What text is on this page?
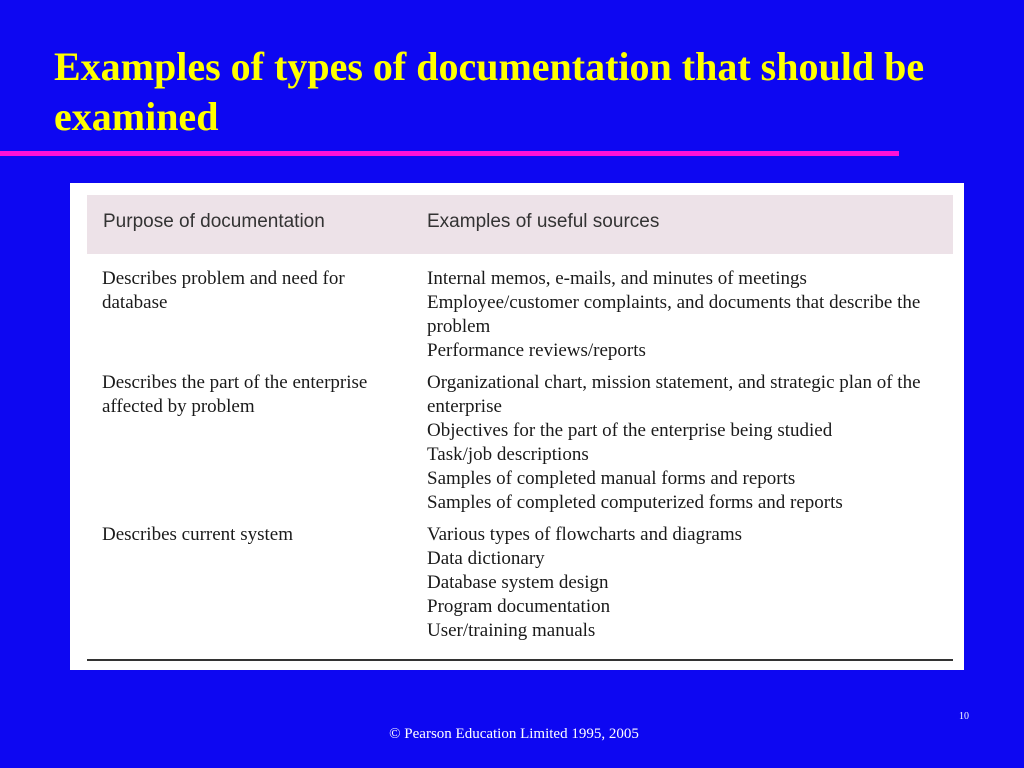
Examples of types of documentation that should be examined
Purpose of documentation	Examples of useful sources
Describes problem and need for database
Internal memos, e-mails, and minutes of meetings
Employee/customer complaints, and documents that describe the problem
Performance reviews/reports
Describes the part of the enterprise affected by problem
Organizational chart, mission statement, and strategic plan of the enterprise
Objectives for the part of the enterprise being studied
Task/job descriptions
Samples of completed manual forms and reports
Samples of completed computerized forms and reports
Describes current system	Various types of flowcharts and diagrams
Data dictionary
Database system design
Program documentation
User/training manuals
10
© Pearson Education Limited 1995, 2005
